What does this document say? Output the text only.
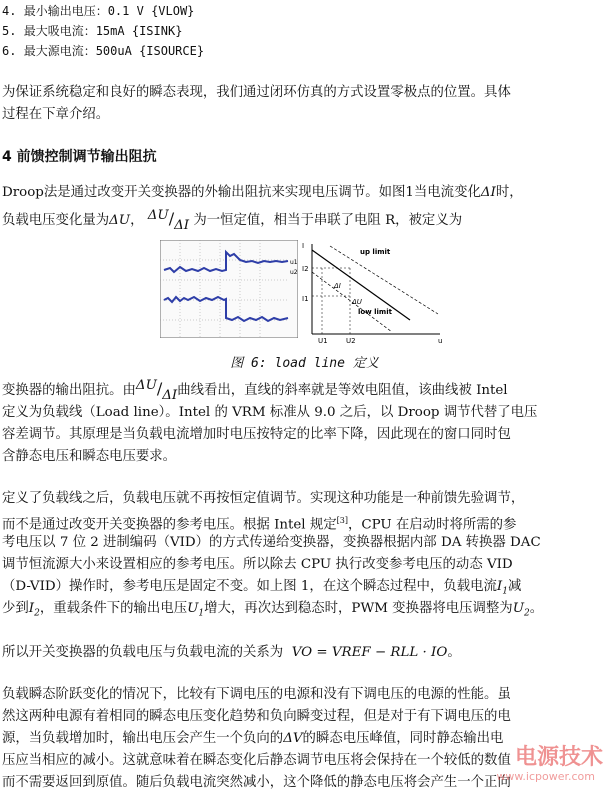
4. 最小输出电压：0.1 V {VLOW}
5. 最大吸电流：15mA {ISINK}
6. 最大源电流：500uA {ISOURCE}
为保证系统稳定和良好的瞬态表现，我们通过闭环仿真的方式设置零极点的位置。具体
过程在下章介绍。
4 前馈控制调节输出阻抗
Droop法是通过改变开关变换器的外输出阻抗来实现电压调节。如图1当电流变化ΔI时，
负载电压变化量为ΔU， ΔU/ΔI 为一恒定值，相当于串联了电阻 R，被定义为
u1
u2
I
u
I2
I1
U1	U2
up limit
low limit
ΔI
ΔU
图 6: load line 定义
变换器的输出阻抗。由ΔU/ΔI曲线看出，直线的斜率就是等效电阻值，该曲线被 Intel
定义为负载线（Load line）。Intel 的 VRM 标准从 9.0 之后，以 Droop 调节代替了电压
容差调节。其原理是当负载电流增加时电压按特定的比率下降，因此现在的窗口同时包
含静态电压和瞬态电压要求。
定义了负载线之后，负载电压就不再按恒定值调节。实现这种功能是一种前馈先验调节，
而不是通过改变开关变换器的参考电压。根据 Intel 规定[3]，CPU 在启动时将所需的参
考电压以 7 位 2 进制编码（VID）的方式传递给变换器，变换器根据内部 DA 转换器 DAC
调节恒流源大小来设置相应的参考电压。所以除去 CPU 执行改变参考电压的动态 VID
（D-VID）操作时，参考电压是固定不变。如上图 1，在这个瞬态过程中，负载电流$I_1$减
少到$I_2$，重载条件下的输出电压$U_1$增大，再次达到稳态时，PWM 变换器将电压调整为$U_2$。
所以开关变换器的负载电压与负载电流的关系为 VO = VREF − RLL · IO。
负载瞬态阶跃变化的情况下，比较有下调电压的电源和没有下调电压的电源的性能。虽
然这两种电源有着相同的瞬态电压变化趋势和负向瞬变过程，但是对于有下调电压的电
源，当负载增加时，输出电压会产生一个负向的ΔV的瞬态电压峰值，同时静态输出电
压应当相应的减小。这就意味着在瞬态变化后静态调节电压将会保持在一个较低的数值
而不需要返回到原值。随后负载电流突然减小，这个降低的静态电压将会产生一个正向
电源技术
www.icpower.com
